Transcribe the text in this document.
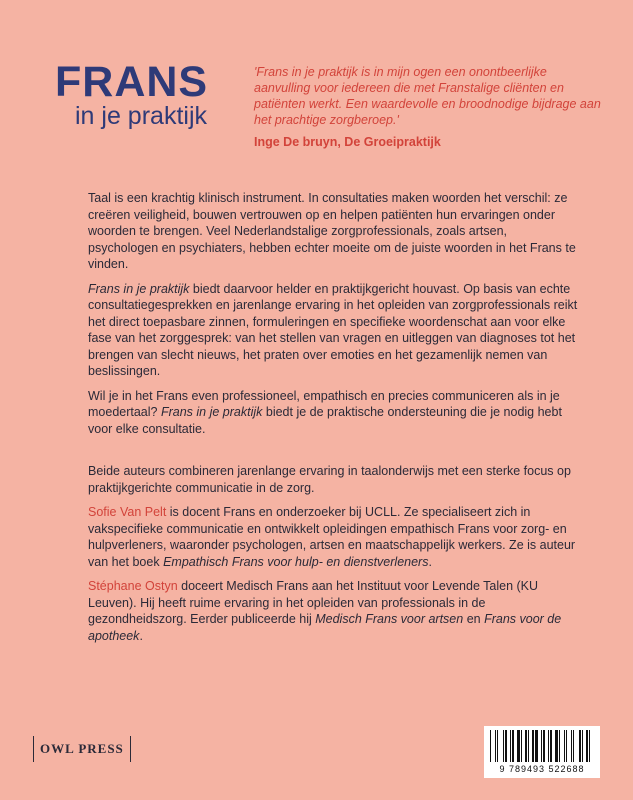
FRANS
in je praktijk

'Frans in je praktijk is in mijn ogen een onontbeerlijke aanvulling voor iedereen die met Franstalige cliënten en patiënten werkt. Een waardevolle en broodnodige bijdrage aan het prachtige zorgberoep.'

Inge De bruyn, De Groeipraktijk

Taal is een krachtig klinisch instrument. In consultaties maken woorden het verschil: ze creëren veiligheid, bouwen vertrouwen op en helpen patiënten hun ervaringen onder woorden te brengen. Veel Nederlandstalige zorgprofessionals, zoals artsen, psychologen en psychiaters, hebben echter moeite om de juiste woorden in het Frans te vinden.

Frans in je praktijk biedt daarvoor helder en praktijkgericht houvast. Op basis van echte consultatiegesprekken en jarenlange ervaring in het opleiden van zorgprofessionals reikt het direct toepasbare zinnen, formuleringen en specifieke woordenschat aan voor elke fase van het zorggesprek: van het stellen van vragen en uitleggen van diagnoses tot het brengen van slecht nieuws, het praten over emoties en het gezamenlijk nemen van beslissingen.

Wil je in het Frans even professioneel, empathisch en precies communiceren als in je moedertaal? Frans in je praktijk biedt je de praktische ondersteuning die je nodig hebt voor elke consultatie.

Beide auteurs combineren jarenlange ervaring in taalonderwijs met een sterke focus op praktijkgerichte communicatie in de zorg.

Sofie Van Pelt is docent Frans en onderzoeker bij UCLL. Ze specialiseert zich in vakspecifieke communicatie en ontwikkelt opleidingen empathisch Frans voor zorg- en hulpverleners, waaronder psychologen, artsen en maatschappelijk werkers. Ze is auteur van het boek Empathisch Frans voor hulp- en dienstverleners.

Stéphane Ostyn doceert Medisch Frans aan het Instituut voor Levende Talen (KU Leuven). Hij heeft ruime ervaring in het opleiden van professionals in de gezondheidszorg. Eerder publiceerde hij Medisch Frans voor artsen en Frans voor de apotheek.

OWL PRESS
9 789493 522688
